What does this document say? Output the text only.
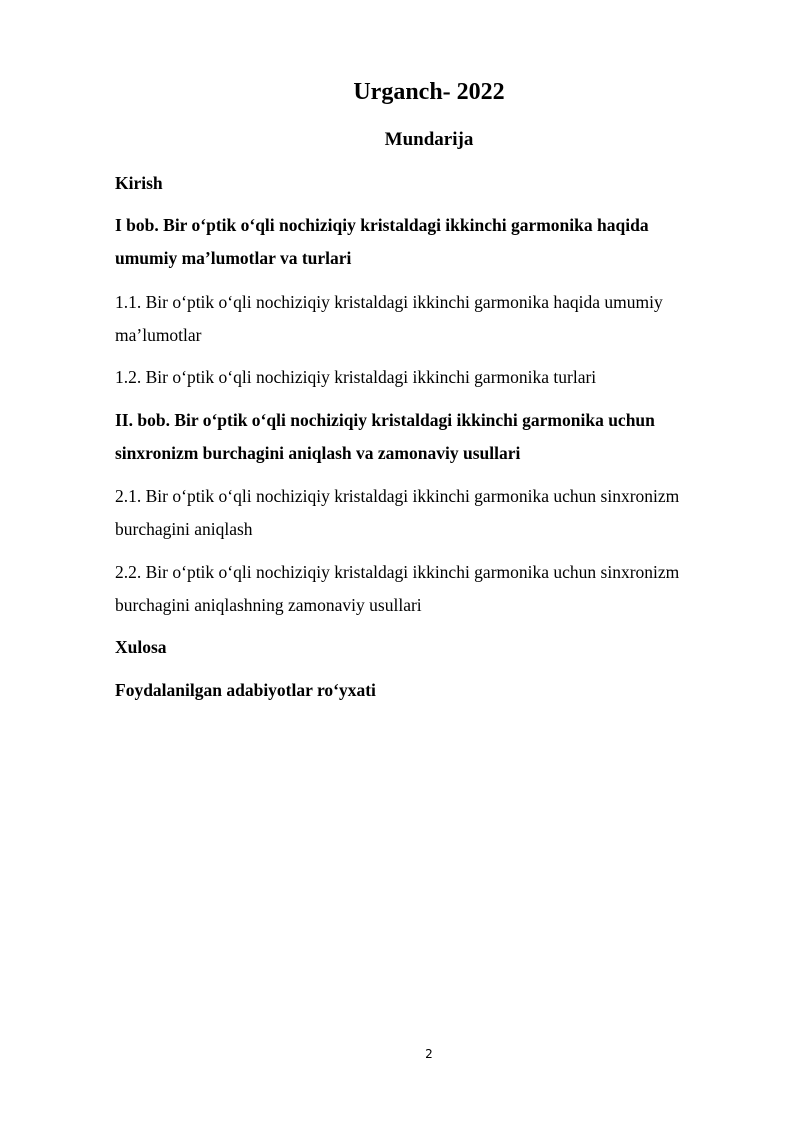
Urganch- 2022
Mundarija

Kirish

I bob. Bir o‘ptik o‘qli nochiziqiy kristaldagi ikkinchi garmonika haqida umumiy ma’lumotlar va turlari

1.1. Bir o‘ptik o‘qli nochiziqiy kristaldagi ikkinchi garmonika haqida umumiy ma’lumotlar

1.2. Bir o‘ptik o‘qli nochiziqiy kristaldagi ikkinchi garmonika turlari

II. bob. Bir o‘ptik o‘qli nochiziqiy kristaldagi ikkinchi garmonika uchun sinxronizm burchagini aniqlash va zamonaviy usullari

2.1. Bir o‘ptik o‘qli nochiziqiy kristaldagi ikkinchi garmonika uchun sinxronizm burchagini aniqlash

2.2. Bir o‘ptik o‘qli nochiziqiy kristaldagi ikkinchi garmonika uchun sinxronizm burchagini aniqlashning zamonaviy usullari

Xulosa

Foydalanilgan adabiyotlar ro‘yxati

2
